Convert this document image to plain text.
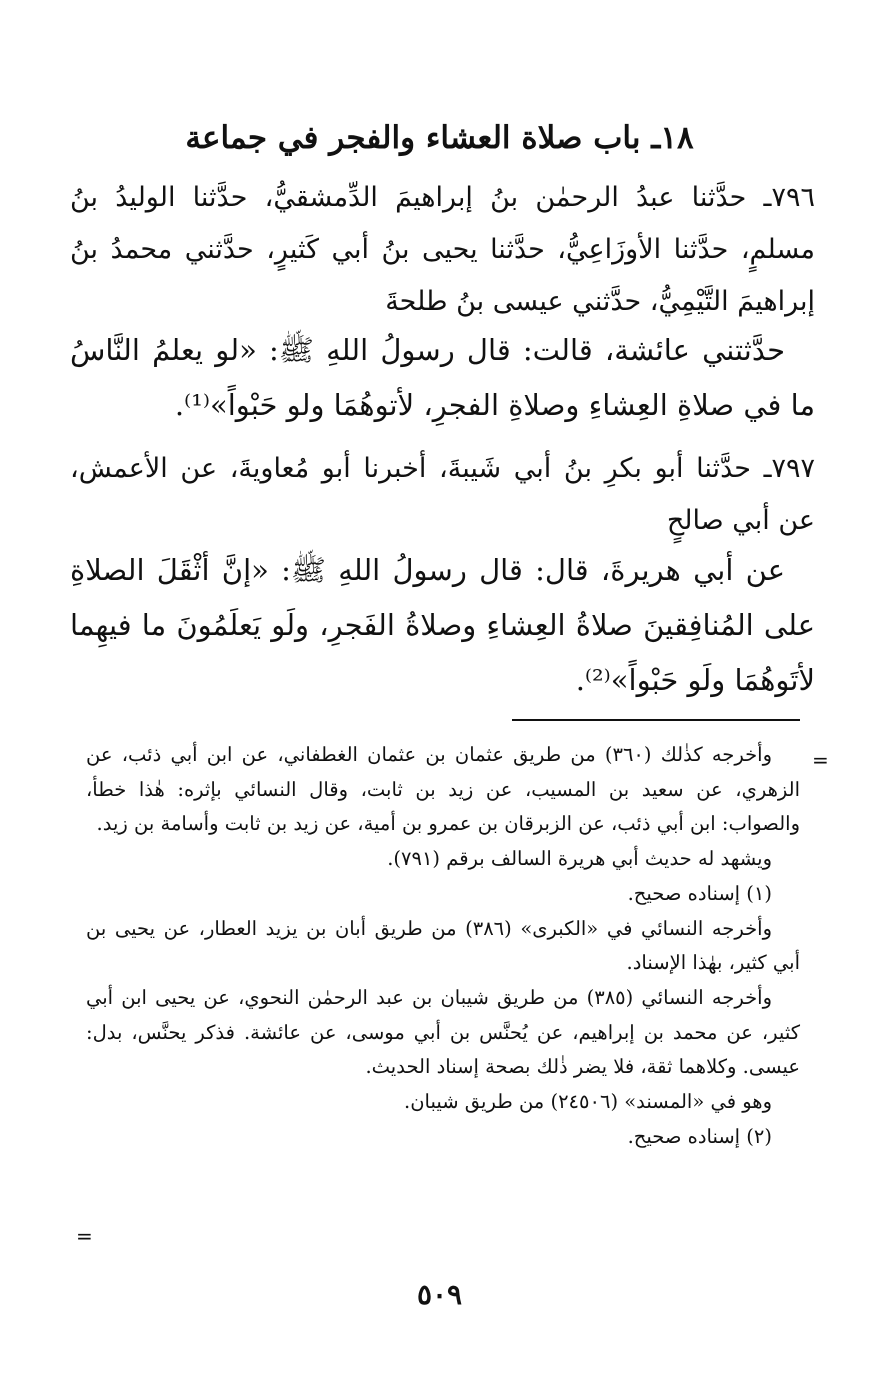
١٨ـ باب صلاة العشاء والفجر في جماعة

٧٩٦ـ حدَّثنا عبدُ الرحمٰن بنُ إبراهيمَ الدِّمشقيُّ، حدَّثنا الوليدُ بنُ مسلمٍ، حدَّثنا الأوزَاعِيُّ، حدَّثنا يحيى بنُ أبي كَثيرٍ، حدَّثني محمدُ بنُ إبراهيمَ التَّيْمِيُّ، حدَّثني عيسى بنُ طلحةَ

حدَّثتني عائشة، قالت: قال رسولُ اللهِ ﷺ: «لو يعلمُ النَّاسُ ما في صلاةِ العِشاءِ وصلاةِ الفجرِ، لأتوهُمَا ولو حَبْواً»⁽¹⁾.

٧٩٧ـ حدَّثنا أبو بكرِ بنُ أبي شَيبةَ، أخبرنا أبو مُعاويةَ، عن الأعمش، عن أبي صالحٍ

عن أبي هريرةَ، قال: قال رسولُ اللهِ ﷺ: «إنَّ أثْقَلَ الصلاةِ على المُنافِقينَ صلاةُ العِشاءِ وصلاةُ الفَجرِ، ولَو يَعلَمُونَ ما فيهِما لأتَوهُمَا ولَو حَبْواً»⁽²⁾.

=

وأخرجه كذٰلك (٣٦٠) من طريق عثمان بن عثمان الغطفاني، عن ابن أبي ذئب، عن الزهري، عن سعيد بن المسيب، عن زيد بن ثابت، وقال النسائي بإثره: هٰذا خطأ، والصواب: ابن أبي ذئب، عن الزبرقان بن عمرو بن أمية، عن زيد بن ثابت وأسامة بن زيد.

ويشهد له حديث أبي هريرة السالف برقم (٧٩١).

(١) إسناده صحيح.

وأخرجه النسائي في «الكبرى» (٣٨٦) من طريق أبان بن يزيد العطار، عن يحيى بن أبي كثير، بهٰذا الإسناد.

وأخرجه النسائي (٣٨٥) من طريق شيبان بن عبد الرحمٰن النحوي، عن يحيى ابن أبي كثير، عن محمد بن إبراهيم، عن يُحنَّس بن أبي موسى، عن عائشة. فذكر يحنَّس، بدل: عيسى. وكلاهما ثقة، فلا يضر ذٰلك بصحة إسناد الحديث.

وهو في «المسند» (٢٤٥٠٦) من طريق شيبان.

(٢) إسناده صحيح.

=
٥٠٩
